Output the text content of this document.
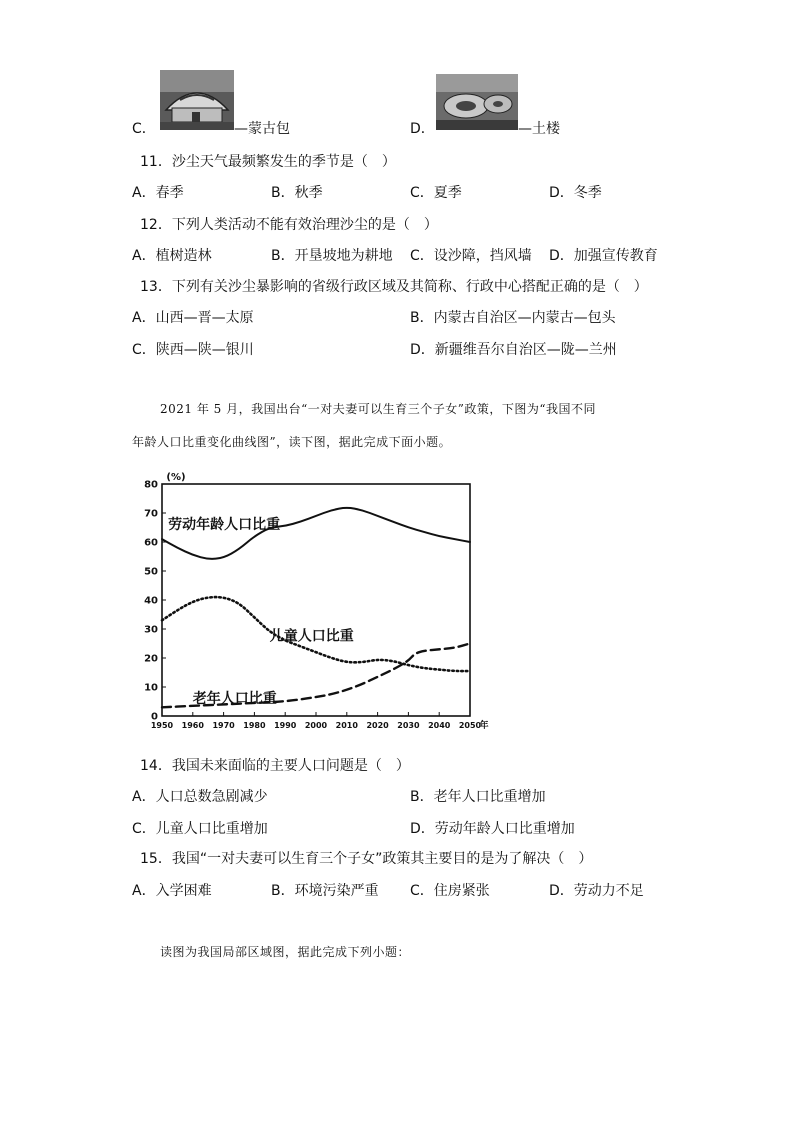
C．	—蒙古包	D．	—土楼
11．沙尘天气最频繁发生的季节是（　）
A．春季	B．秋季	C．夏季	D．冬季
12．下列人类活动不能有效治理沙尘的是（　）
A．植树造林	B．开垦坡地为耕地 C．设沙障，挡风墙 D．加强宣传教育
13．下列有关沙尘暴影响的省级行政区域及其简称、行政中心搭配正确的是（　）
A．山西—晋—太原	B．内蒙古自治区—内蒙古—包头
C．陕西—陕—银川	D．新疆维吾尔自治区—陇—兰州
2021 年 5 月，我国出台“一对夫妻可以生育三个子女”政策，下图为“我国不同
年龄人口比重变化曲线图”，读下图，据此完成下面小题。
0
10
20
30
40
50
60
70
80
1950 1960 1970 1980 1990 2000 2010 2020 2030 2040 2050
年
(%)
劳动年龄人口比重
儿童人口比重
老年人口比重
14．我国未来面临的主要人口问题是（　）
A．人口总数急剧减少	B．老年人口比重增加
C．儿童人口比重增加	D．劳动年龄人口比重增加
15．我国“一对夫妻可以生育三个子女”政策其主要目的是为了解决（　）
A．入学困难	B．环境污染严重 C．住房紧张	D．劳动力不足
读图为我国局部区域图，据此完成下列小题：
